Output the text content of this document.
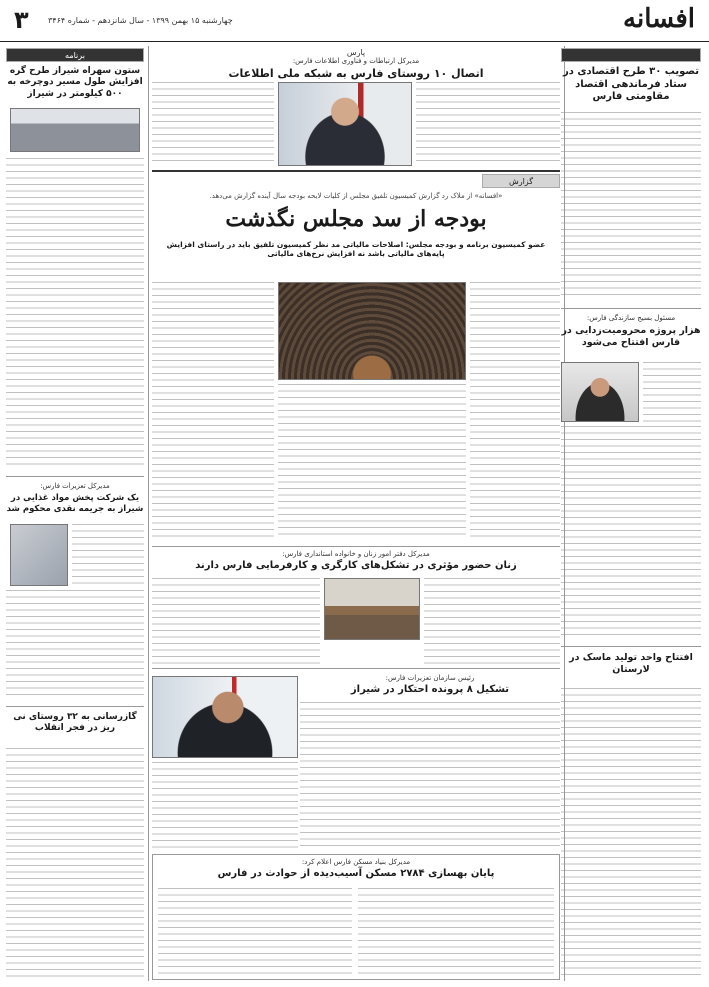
۳ چهارشنبه ۱۵ بهمن ۱۳۹۹ - سال شانزدهم - شماره ۳۴۶۴	افسانه
تصویب ۳۰ طرح اقتصادی در ستاد فرماندهی اقتصاد مقاومتی فارس
مسئول بسیج سازندگی فارس:
هزار پروژه محرومیت‌زدایی در فارس افتتاح می‌شود
افتتاح واحد تولید ماسک در لارستان
برنامه
ستون سهراه شیراز طرح گره افزایش طول مسیر دوچرخه به ۵۰۰ کیلومتر در شیراز
مدیرکل تعزیرات فارس:
یک شرکت پخش مواد غذایی در شیراز به جریمه نقدی محکوم شد
گازرسانی به ۳۲ روستای نی ریز در فجر انقلاب
پارس
مدیرکل ارتباطات و فناوری اطلاعات فارس:
اتصال ۱۰ روستای فارس به شبکه ملی اطلاعات
گزارش
«افسانه» از ملاک رد گزارش کمیسیون تلفیق مجلس از کلیات لایحه بودجه سال آینده گزارش می‌دهد.
بودجه از سد مجلس نگذشت
عضو کمیسیون برنامه و بودجه مجلس: اصلاحات مالیاتی مد نظر کمیسیون تلفیق باید در راستای افزایش پایه‌های مالیاتی باشد نه افزایش نرخ‌های مالیاتی
مدیرکل دفتر امور زنان و خانواده استانداری فارس:
زنان حضور مؤثری در تشکل‌های کارگری و کارفرمایی فارس دارند
رئیس سازمان تعزیرات فارس:
تشکیل ۸ پرونده احتکار در شیراز
مدیرکل بنیاد مسکن فارس اعلام کرد:
پایان بهسازی ۲۷۸۴ مسکن آسیب‌دیده از حوادث در فارس
